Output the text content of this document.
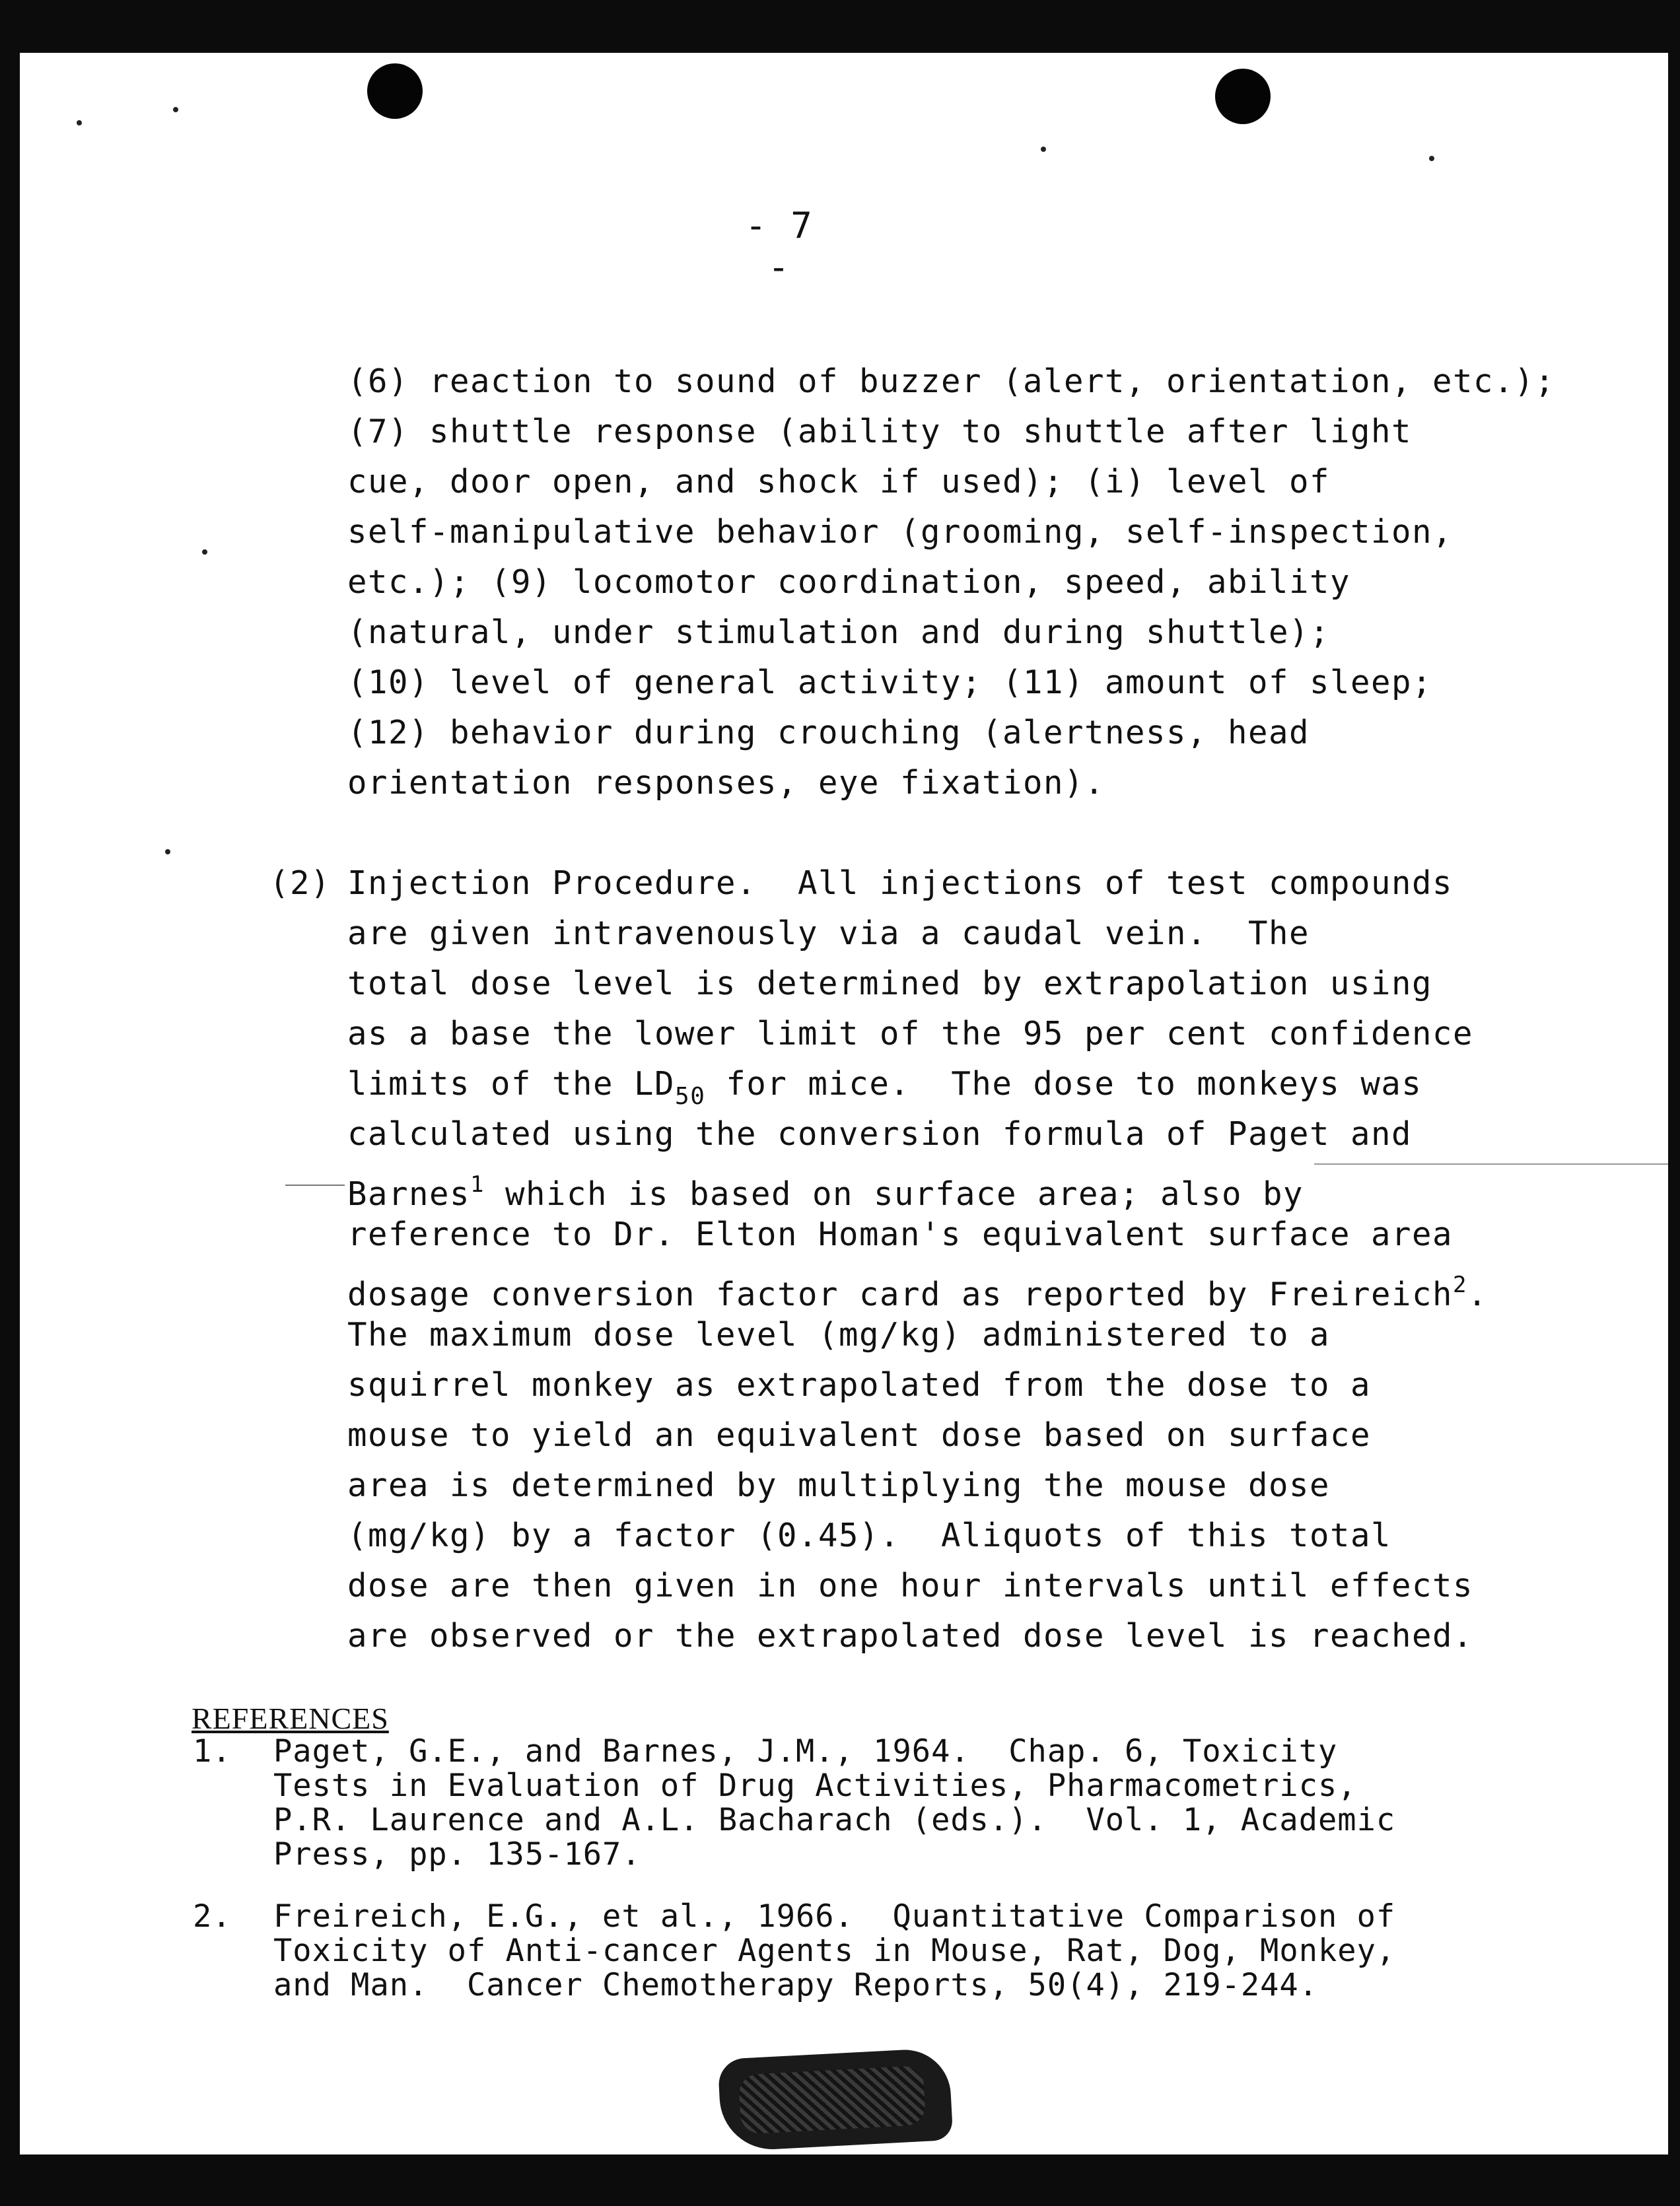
- 7 -
(6) reaction to sound of buzzer (alert, orientation, etc.);
(7) shuttle response (ability to shuttle after light
cue, door open, and shock if used); (i) level of
self-manipulative behavior (grooming, self-inspection,
etc.); (9) locomotor coordination, speed, ability
(natural, under stimulation and during shuttle);
(10) level of general activity; (11) amount of sleep;
(12) behavior during crouching (alertness, head
orientation responses, eye fixation).
(2) Injection Procedure.  All injections of test compounds
are given intravenously via a caudal vein.  The
total dose level is determined by extrapolation using
as a base the lower limit of the 95 per cent confidence
limits of the $LD_{50}$ for mice.  The dose to monkeys was
calculated using the conversion formula of Paget and
Barnes$^1$ which is based on surface area; also by
reference to Dr. Elton Homan's equivalent surface area
dosage conversion factor card as reported by Freireich$^2$.
The maximum dose level (mg/kg) administered to a
squirrel monkey as extrapolated from the dose to a
mouse to yield an equivalent dose based on surface
area is determined by multiplying the mouse dose
(mg/kg) by a factor (0.45).  Aliquots of this total
dose are then given in one hour intervals until effects
are observed or the extrapolated dose level is reached.
REFERENCES
1. Paget, G.E., and Barnes, J.M., 1964.  Chap. 6, Toxicity
Tests in Evaluation of Drug Activities, Pharmacometrics,
P.R. Laurence and A.L. Bacharach (eds.).  Vol. 1, Academic
Press, pp. 135-167.
2. Freireich, E.G., et al., 1966.  Quantitative Comparison of
Toxicity of Anti-cancer Agents in Mouse, Rat, Dog, Monkey,
and Man.  Cancer Chemotherapy Reports, 50(4), 219-244.
